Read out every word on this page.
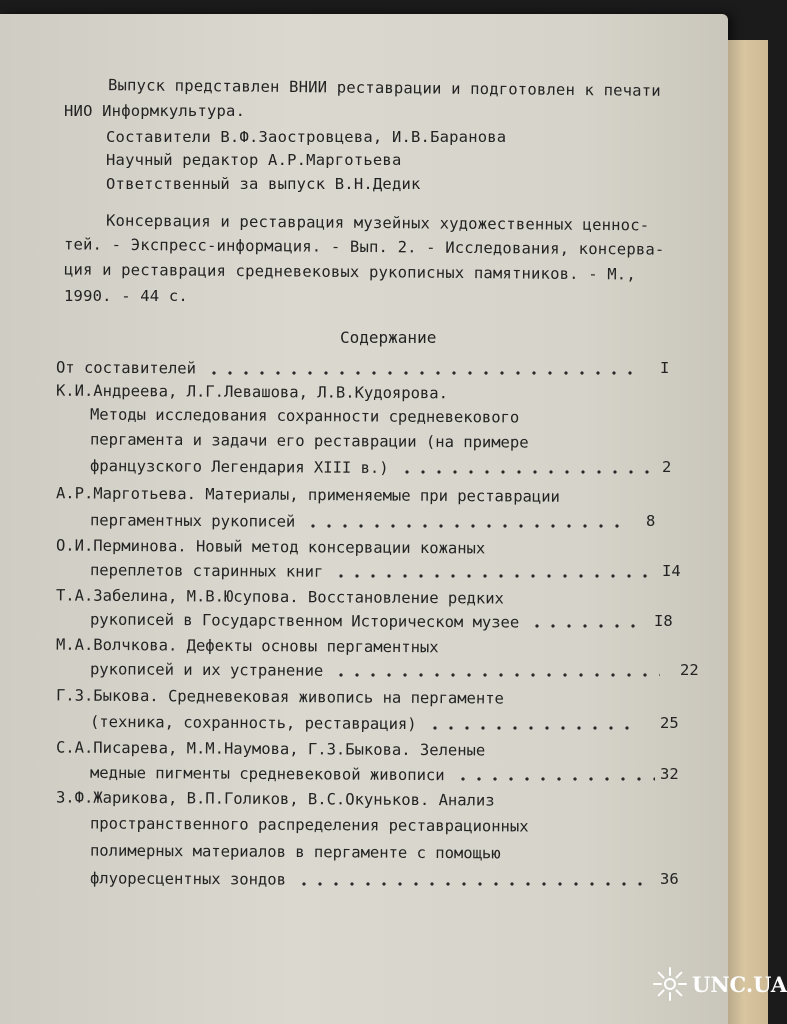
Выпуск представлен ВНИИ реставрации и подготовлен к печати
НИО Информкультура.
Составители В.Ф.Заостровцева, И.В.Баранова
Научный редактор А.Р.Марготьева
Ответственный за выпуск В.Н.Дедик
Консервация и реставрация музейных художественных ценнос-
тей. - Экспресс-информация. - Вып. 2. - Исследования, консерва-
ция и реставрация средневековых рукописных памятников. - М.,
1990. - 44 с.
Содержание
От составителей	I
К.И.Андреева, Л.Г.Левашова, Л.В.Кудоярова.
Методы исследования сохранности средневекового
пергамента и задачи его реставрации (на примере
французского Легендария XIII в.)	2
А.Р.Марготьева. Материалы, применяемые при реставрации
пергаментных рукописей	8
О.И.Перминова. Новый метод консервации кожаных
переплетов старинных книг	I4
Т.А.Забелина, М.В.Юсупова. Восстановление редких
рукописей в Государственном Историческом музее	I8
М.А.Волчкова. Дефекты основы пергаментных
рукописей и их устранение	22
Г.З.Быкова. Средневековая живопись на пергаменте
(техника, сохранность, реставрация)	25
С.А.Писарева, М.М.Наумова, Г.З.Быкова. Зеленые
медные пигменты средневековой живописи	32
З.Ф.Жарикова, В.П.Голиков, В.С.Окуньков. Анализ
пространственного распределения реставрационных
полимерных материалов в пергаменте с помощью
флуоресцентных зондов	36
UNC.UA
